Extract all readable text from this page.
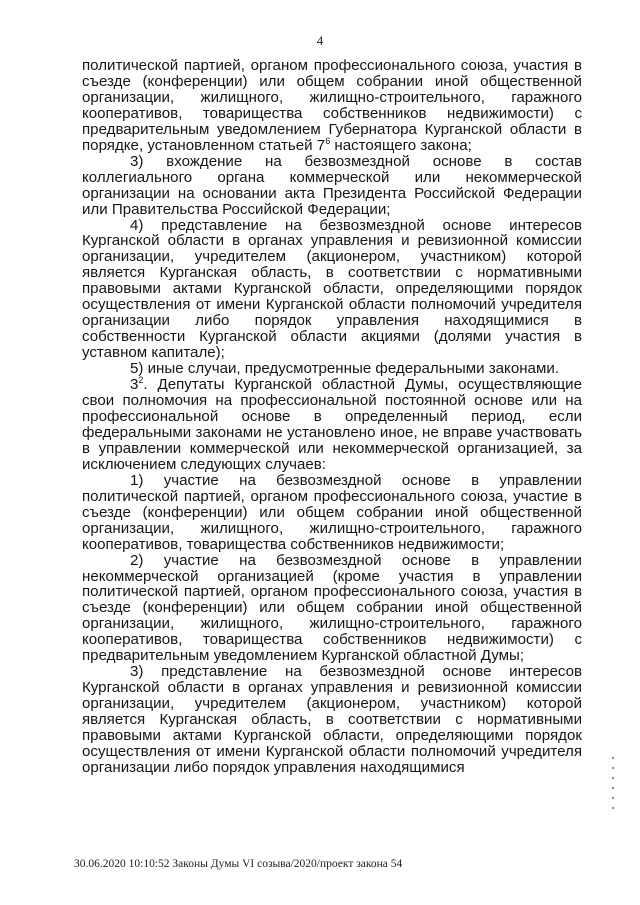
4

политической партией, органом профессионального союза, участия в съезде (конференции) или общем собрании иной общественной организации, жилищного, жилищно-строительного, гаражного кооперативов, товарищества собственников недвижимости) с предварительным уведомлением Губернатора Курганской области в порядке, установленном статьей $7^6$ настоящего закона;

3) вхождение на безвозмездной основе в состав коллегиального органа коммерческой или некоммерческой организации на основании акта Президента Российской Федерации или Правительства Российской Федерации;

4) представление на безвозмездной основе интересов Курганской области в органах управления и ревизионной комиссии организации, учредителем (акционером, участником) которой является Курганская область, в соответствии с нормативными правовыми актами Курганской области, определяющими порядок осуществления от имени Курганской области полномочий учредителя организации либо порядок управления находящимися в собственности Курганской области акциями (долями участия в уставном капитале);

5) иные случаи, предусмотренные федеральными законами.

$3^2$. Депутаты Курганской областной Думы, осуществляющие свои полномочия на профессиональной постоянной основе или на профессиональной основе в определенный период, если федеральными законами не установлено иное, не вправе участвовать в управлении коммерческой или некоммерческой организацией, за исключением следующих случаев:

1) участие на безвозмездной основе в управлении политической партией, органом профессионального союза, участие в съезде (конференции) или общем собрании иной общественной организации, жилищного, жилищно-строительного, гаражного кооперативов, товарищества собственников недвижимости;

2) участие на безвозмездной основе в управлении некоммерческой организацией (кроме участия в управлении политической партией, органом профессионального союза, участия в съезде (конференции) или общем собрании иной общественной организации, жилищного, жилищно-строительного, гаражного кооперативов, товарищества собственников недвижимости) с предварительным уведомлением Курганской областной Думы;

3) представление на безвозмездной основе интересов Курганской области в органах управления и ревизионной комиссии организации, учредителем (акционером, участником) которой является Курганская область, в соответствии с нормативными правовыми актами Курганской области, определяющими порядок осуществления от имени Курганской области полномочий учредителя организации либо порядок управления находящимися

30.06.2020 10:10:52 Законы Думы VI созыва/2020/проект закона 54
